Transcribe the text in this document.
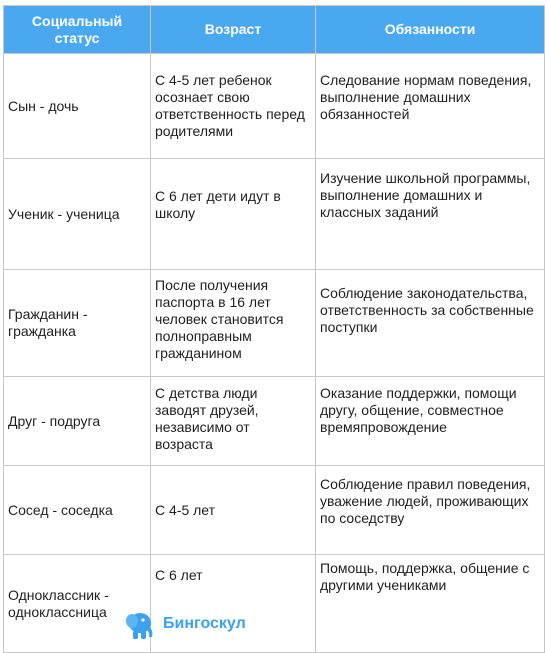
Социальный статус	Возраст	Обязанности
Сын - дочь	С 4-5 лет ребенок осознает свою ответственность перед родителями	Следование нормам поведения, выполнение домашних обязанностей
Ученик - ученица	С 6 лет дети идут в школу	Изучение школьной программы, выполнение домашних и классных заданий
Гражданин - гражданка	После получения паспорта в 16 лет человек становится полноправным гражданином	Соблюдение законодательства, ответственность за собственные поступки
Друг - подруга	С детства люди заводят друзей, независимо от возраста	Оказание поддержки, помощи другу, общение, совместное времяпровождение
Сосед - соседка	С 4-5 лет	Соблюдение правил поведения, уважение людей, проживающих по соседству
Одноклассник - одноклассница	С 6 лет	Помощь, поддержка, общение с другими учениками
Бингоскул
